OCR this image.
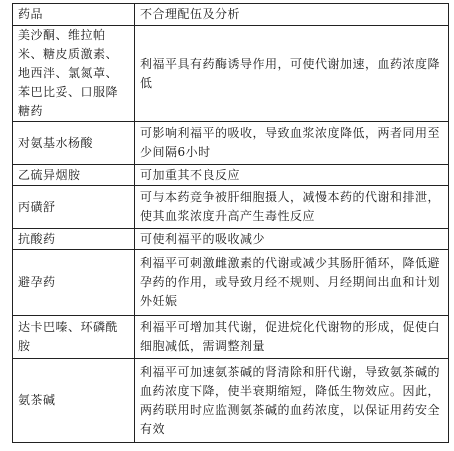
药品	不合理配伍及分析
美沙酮、维拉帕米、糖皮质激素、地西泮、氯氮䓬、苯巴比妥、口服降糖药	利福平具有药酶诱导作用，可使代谢加速，血药浓度降低
对氨基水杨酸	可影响利福平的吸收，导致血浆浓度降低，两者同用至少间隔6小时
乙硫异烟胺	可加重其不良反应
丙磺舒	可与本药竞争被肝细胞摄人，减慢本药的代谢和排泄，使其血浆浓度升高产生毒性反应
抗酸药	可使利福平的吸收减少
避孕药	利福平可刺激雌激素的代谢或减少其肠肝循环，降低避孕药的作用，或导致月经不规则、月经期间出血和计划外妊娠
达卡巴嗪、环磷酰胺	利福平可增加其代谢，促进烷化代谢物的形成，促使白细胞减低，需调整剂量
氨茶碱	利福平可加速氨茶碱的肾清除和肝代谢，导致氨茶碱的血药浓度下降，使半衰期缩短，降低生物效应。因此，两药联用时应监测氨茶碱的血药浓度，以保证用药安全有效
